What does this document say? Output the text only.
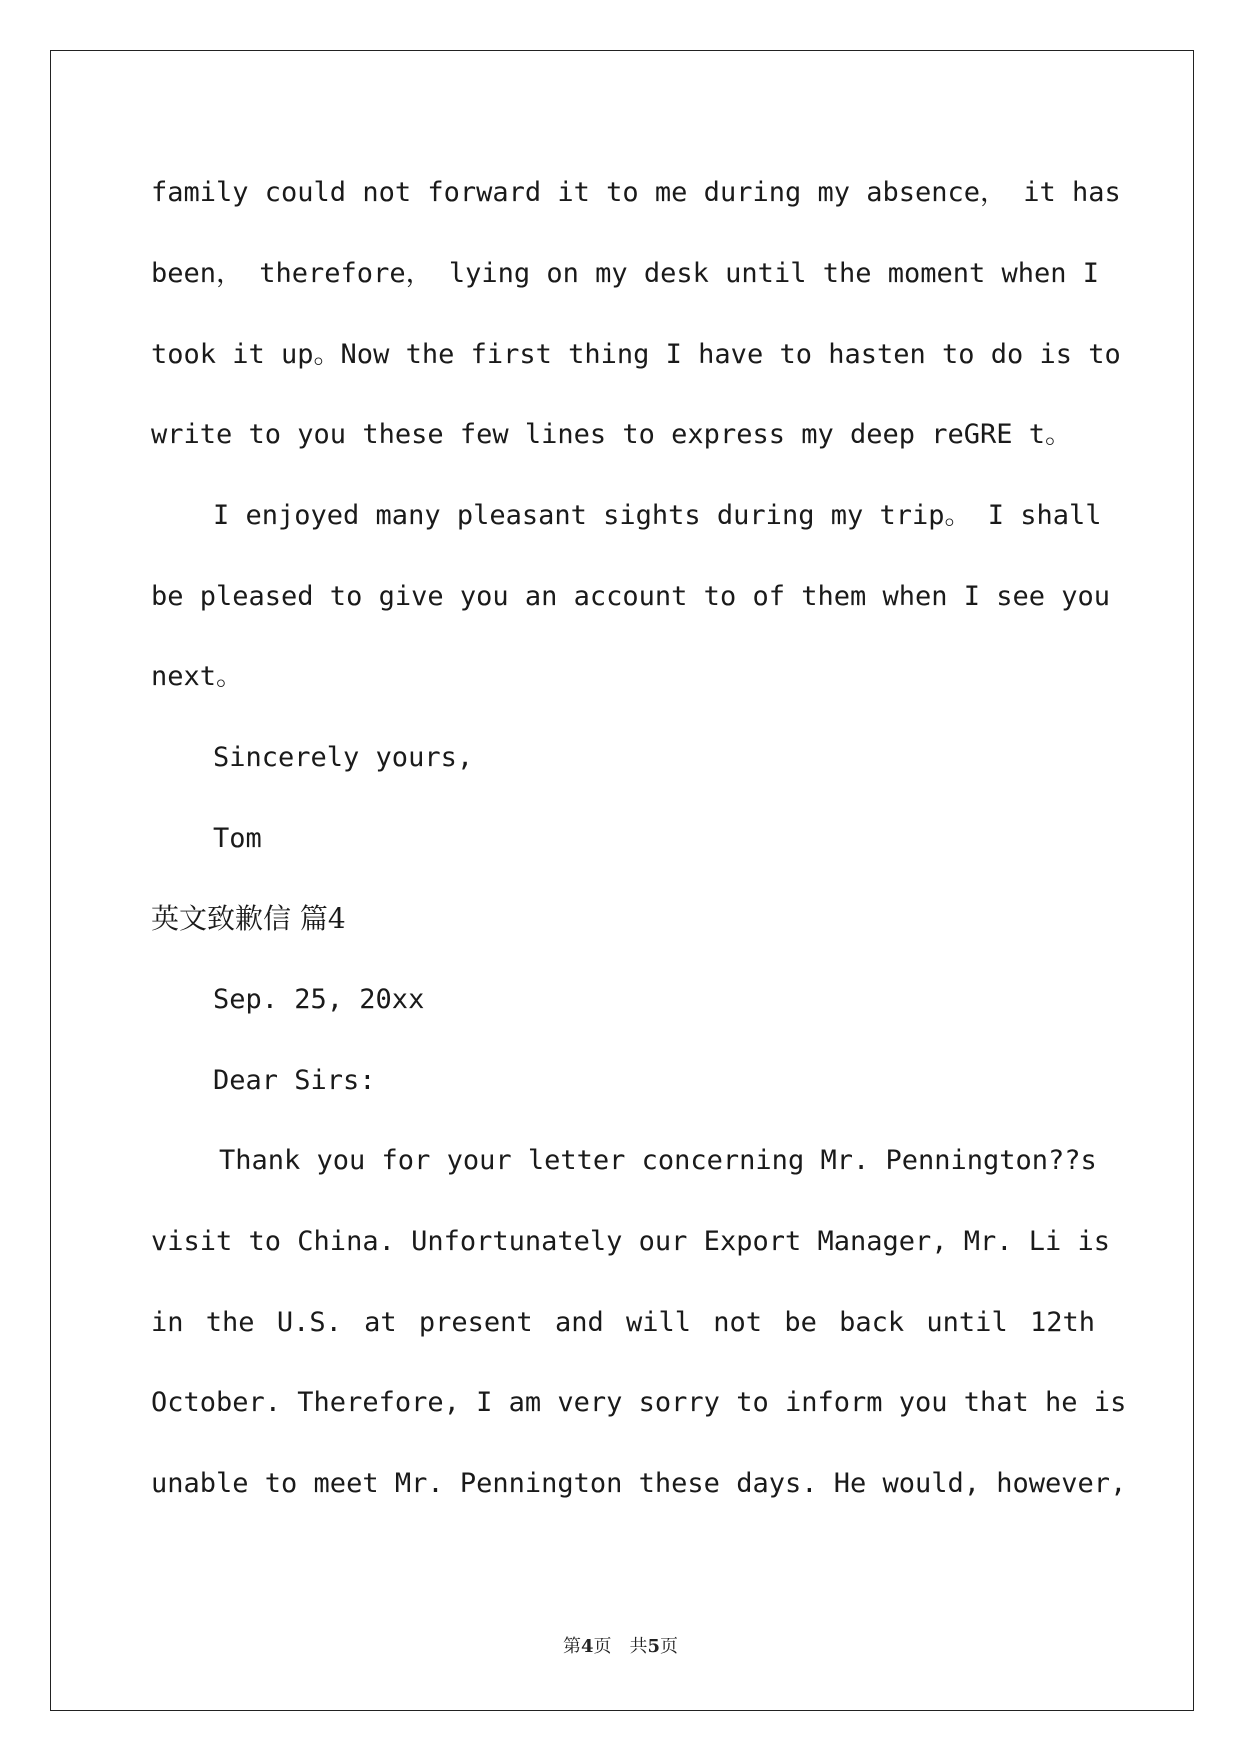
family could not forward it to me during my absence， it has

been， therefore， lying on my desk until the moment when I

took it up。Now the first thing I have to hasten to do is to

write to you these few lines to express my deep reGRE t。

I enjoyed many pleasant sights during my trip。 I shall

be pleased to give you an account to of them when I see you

next。

Sincerely yours,

Tom

英文致歉信 篇4

Sep. 25, 20xx

Dear Sirs:

Thank you for your letter concerning Mr. Pennington??s

visit to China. Unfortunately our Export Manager, Mr. Li is

in the U.S. at present and will not be back until 12th

October. Therefore, I am very sorry to inform you that he is

unable to meet Mr. Pennington these days. He would, however,

第4页 共5页
